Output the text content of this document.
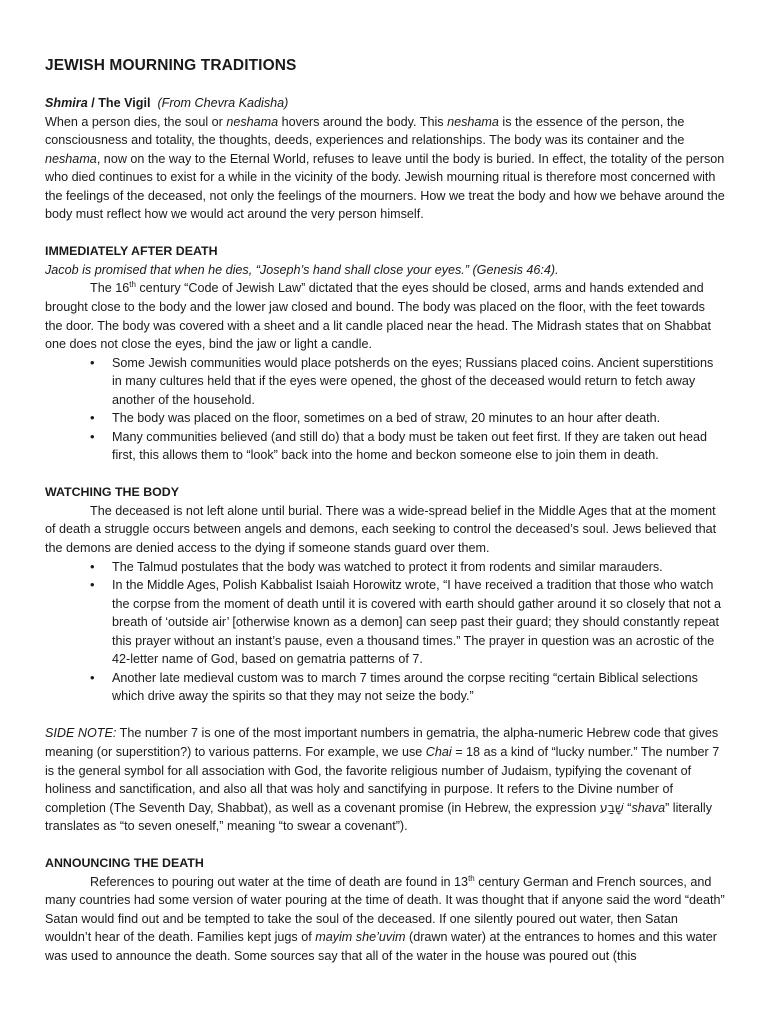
JEWISH MOURNING TRADITIONS

Shmira / The Vigil (From Chevra Kadisha)

When a person dies, the soul or neshama hovers around the body. This neshama is the essence of the person, the consciousness and totality, the thoughts, deeds, experiences and relationships. The body was its container and the neshama, now on the way to the Eternal World, refuses to leave until the body is buried. In effect, the totality of the person who died continues to exist for a while in the vicinity of the body. Jewish mourning ritual is therefore most concerned with the feelings of the deceased, not only the feelings of the mourners. How we treat the body and how we behave around the body must reflect how we would act around the very person himself.

IMMEDIATELY AFTER DEATH

Jacob is promised that when he dies, “Joseph’s hand shall close your eyes.” (Genesis 46:4).

The 16th century “Code of Jewish Law” dictated that the eyes should be closed, arms and hands extended and brought close to the body and the lower jaw closed and bound. The body was placed on the floor, with the feet towards the door. The body was covered with a sheet and a lit candle placed near the head. The Midrash states that on Shabbat one does not close the eyes, bind the jaw or light a candle.

• Some Jewish communities would place potsherds on the eyes; Russians placed coins. Ancient superstitions in many cultures held that if the eyes were opened, the ghost of the deceased would return to fetch away another of the household.
• The body was placed on the floor, sometimes on a bed of straw, 20 minutes to an hour after death.
• Many communities believed (and still do) that a body must be taken out feet first. If they are taken out head first, this allows them to “look” back into the home and beckon someone else to join them in death.

WATCHING THE BODY

The deceased is not left alone until burial. There was a wide-spread belief in the Middle Ages that at the moment of death a struggle occurs between angels and demons, each seeking to control the deceased’s soul. Jews believed that the demons are denied access to the dying if someone stands guard over them.

• The Talmud postulates that the body was watched to protect it from rodents and similar marauders.
• In the Middle Ages, Polish Kabbalist Isaiah Horowitz wrote, “I have received a tradition that those who watch the corpse from the moment of death until it is covered with earth should gather around it so closely that not a breath of ‘outside air’ [otherwise known as a demon] can seep past their guard; they should constantly repeat this prayer without an instant’s pause, even a thousand times.” The prayer in question was an acrostic of the 42-letter name of God, based on gematria patterns of 7.
• Another late medieval custom was to march 7 times around the corpse reciting “certain Biblical selections which drive away the spirits so that they may not seize the body.”

SIDE NOTE: The number 7 is one of the most important numbers in gematria, the alpha-numeric Hebrew code that gives meaning (or superstition?) to various patterns. For example, we use Chai = 18 as a kind of “lucky number.” The number 7 is the general symbol for all association with God, the favorite religious number of Judaism, typifying the covenant of holiness and sanctification, and also all that was holy and sanctifying in purpose. It refers to the Divine number of completion (The Seventh Day, Shabbat), as well as a covenant promise (in Hebrew, the expression שָׁבַע “shava” literally translates as “to seven oneself,” meaning “to swear a covenant”).

ANNOUNCING THE DEATH

References to pouring out water at the time of death are found in 13th century German and French sources, and many countries had some version of water pouring at the time of death. It was thought that if anyone said the word “death” Satan would find out and be tempted to take the soul of the deceased. If one silently poured out water, then Satan wouldn’t hear of the death. Families kept jugs of mayim she’uvim (drawn water) at the entrances to homes and this water was used to announce the death. Some sources say that all of the water in the house was poured out (this
